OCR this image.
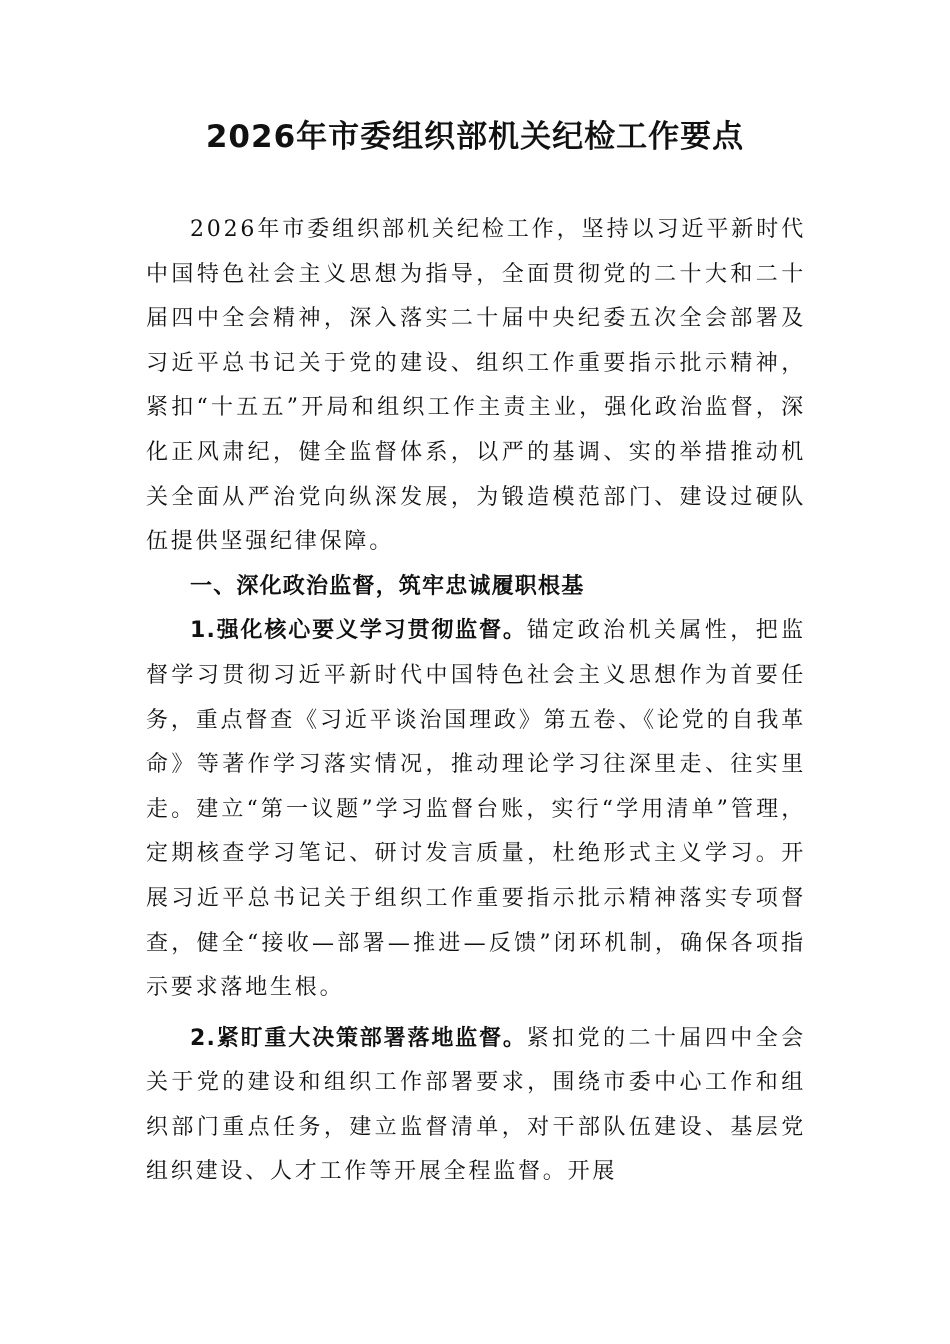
2026年市委组织部机关纪检工作要点

2026年市委组织部机关纪检工作，坚持以习近平新时代中国特色社会主义思想为指导，全面贯彻党的二十大和二十届四中全会精神，深入落实二十届中央纪委五次全会部署及习近平总书记关于党的建设、组织工作重要指示批示精神，紧扣“十五五”开局和组织工作主责主业，强化政治监督，深化正风肃纪，健全监督体系，以严的基调、实的举措推动机关全面从严治党向纵深发展，为锻造模范部门、建设过硬队伍提供坚强纪律保障。

一、深化政治监督，筑牢忠诚履职根基

1.强化核心要义学习贯彻监督。锚定政治机关属性，把监督学习贯彻习近平新时代中国特色社会主义思想作为首要任务，重点督查《习近平谈治国理政》第五卷、《论党的自我革命》等著作学习落实情况，推动理论学习往深里走、往实里走。建立“第一议题”学习监督台账，实行“学用清单”管理，定期核查学习笔记、研讨发言质量，杜绝形式主义学习。开展习近平总书记关于组织工作重要指示批示精神落实专项督查，健全“接收—部署—推进—反馈”闭环机制，确保各项指示要求落地生根。

2.紧盯重大决策部署落地监督。紧扣党的二十届四中全会关于党的建设和组织工作部署要求，围绕市委中心工作和组织部门重点任务，建立监督清单，对干部队伍建设、基层党组织建设、人才工作等开展全程监督。开展
